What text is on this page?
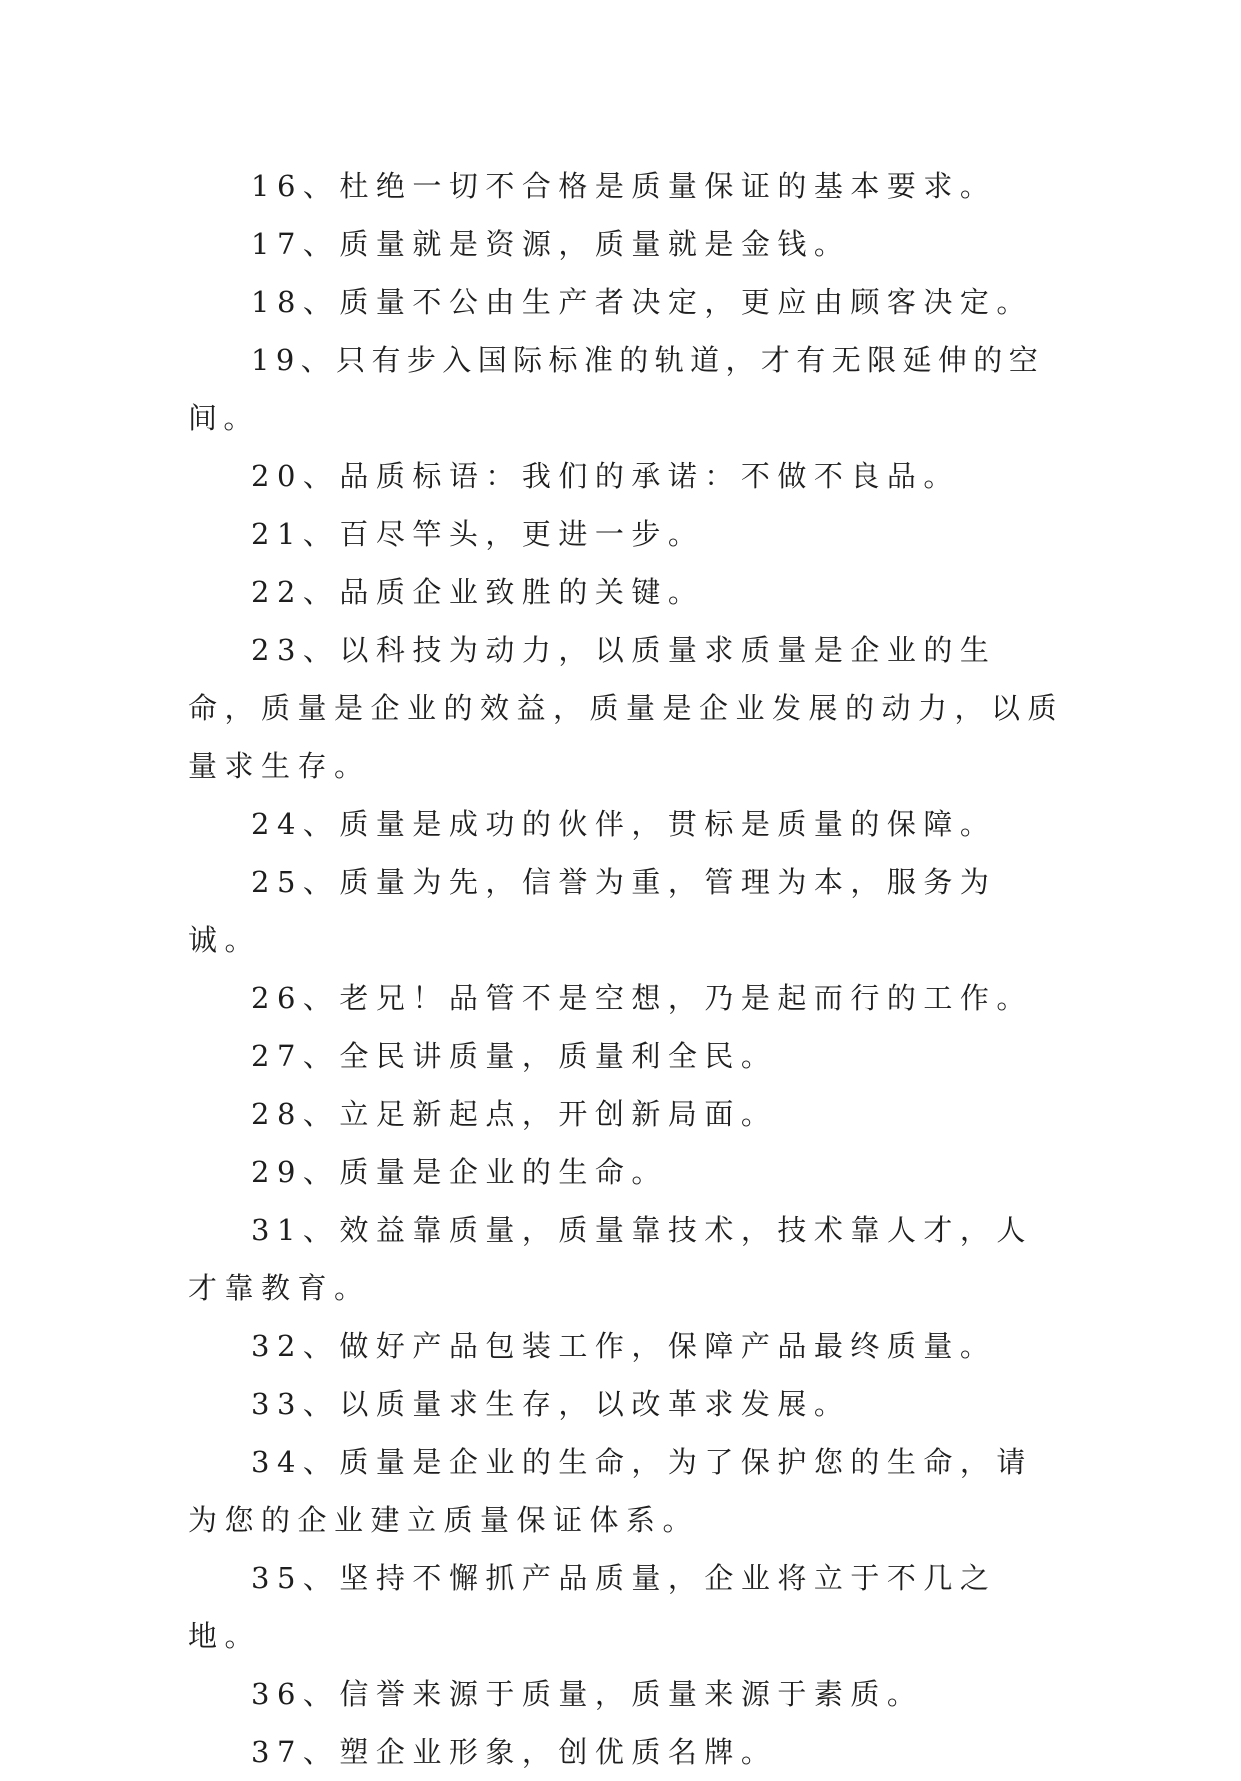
16、杜绝一切不合格是质量保证的基本要求。

17、质量就是资源，质量就是金钱。

18、质量不公由生产者决定，更应由顾客决定。

19、只有步入国际标准的轨道，才有无限延伸的空间。

20、品质标语：我们的承诺：不做不良品。

21、百尽竿头，更进一步。

22、品质企业致胜的关键。

23、以科技为动力，以质量求质量是企业的生命，质量是企业的效益，质量是企业发展的动力，以质量求生存。

24、质量是成功的伙伴，贯标是质量的保障。

25、质量为先，信誉为重，管理为本，服务为诚。

26、老兄！品管不是空想，乃是起而行的工作。

27、全民讲质量，质量利全民。

28、立足新起点，开创新局面。

29、质量是企业的生命。

31、效益靠质量，质量靠技术，技术靠人才，人才靠教育。

32、做好产品包装工作，保障产品最终质量。

33、以质量求生存，以改革求发展。

34、质量是企业的生命，为了保护您的生命，请为您的企业建立质量保证体系。

35、坚持不懈抓产品质量，企业将立于不几之地。

36、信誉来源于质量，质量来源于素质。

37、塑企业形象，创优质名牌。
